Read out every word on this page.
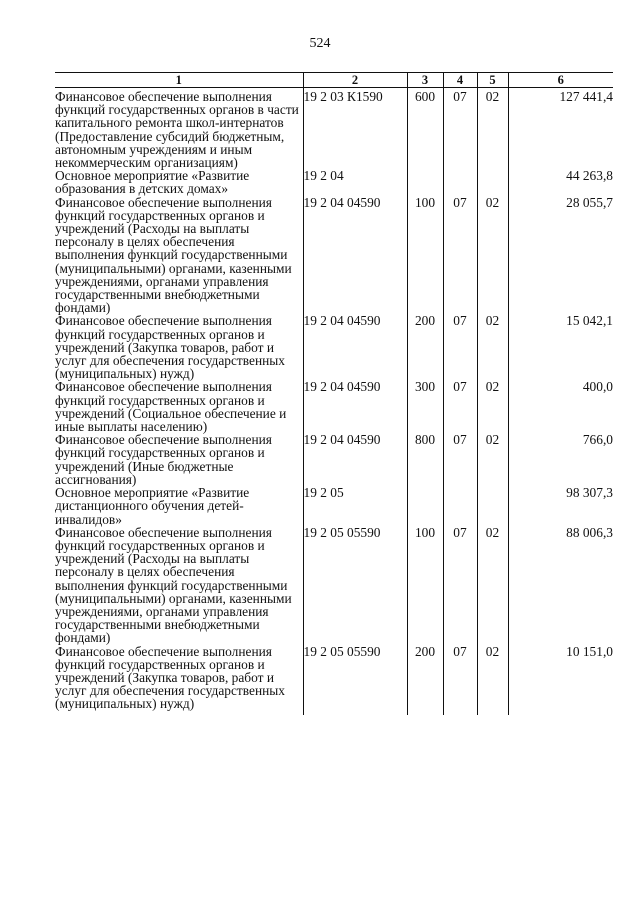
524
1	2	3	4	5	6
Финансовое обеспечение выполнения функций государственных органов в части капитального ремонта школ-интернатов (Предоставление субсидий бюджетным, автономным учреждениям и иным некоммерческим организациям)	19 2 03 К1590	600	07	02	127 441,4
Основное мероприятие «Развитие образования в детских домах»	19 2 04				44 263,8
Финансовое обеспечение выполнения функций государственных органов и учреждений (Расходы на выплаты персоналу в целях обеспечения выполнения функций государственными (муниципальными) органами, казенными учреждениями, органами управления государственными внебюджетными фондами)	19 2 04 04590	100	07	02	28 055,7
Финансовое обеспечение выполнения функций государственных органов и учреждений (Закупка товаров, работ и услуг для обеспечения государственных (муниципальных) нужд)	19 2 04 04590	200	07	02	15 042,1
Финансовое обеспечение выполнения функций государственных органов и учреждений (Социальное обеспечение и иные выплаты населению)	19 2 04 04590	300	07	02	400,0
Финансовое обеспечение выполнения функций государственных органов и учреждений (Иные бюджетные ассигнования)	19 2 04 04590	800	07	02	766,0
Основное мероприятие «Развитие дистанционного обучения детей-инвалидов»	19 2 05				98 307,3
Финансовое обеспечение выполнения функций государственных органов и учреждений (Расходы на выплаты персоналу в целях обеспечения выполнения функций государственными (муниципальными) органами, казенными учреждениями, органами управления государственными внебюджетными фондами)	19 2 05 05590	100	07	02	88 006,3
Финансовое обеспечение выполнения функций государственных органов и учреждений (Закупка товаров, работ и услуг для обеспечения государственных (муниципальных) нужд)	19 2 05 05590	200	07	02	10 151,0
